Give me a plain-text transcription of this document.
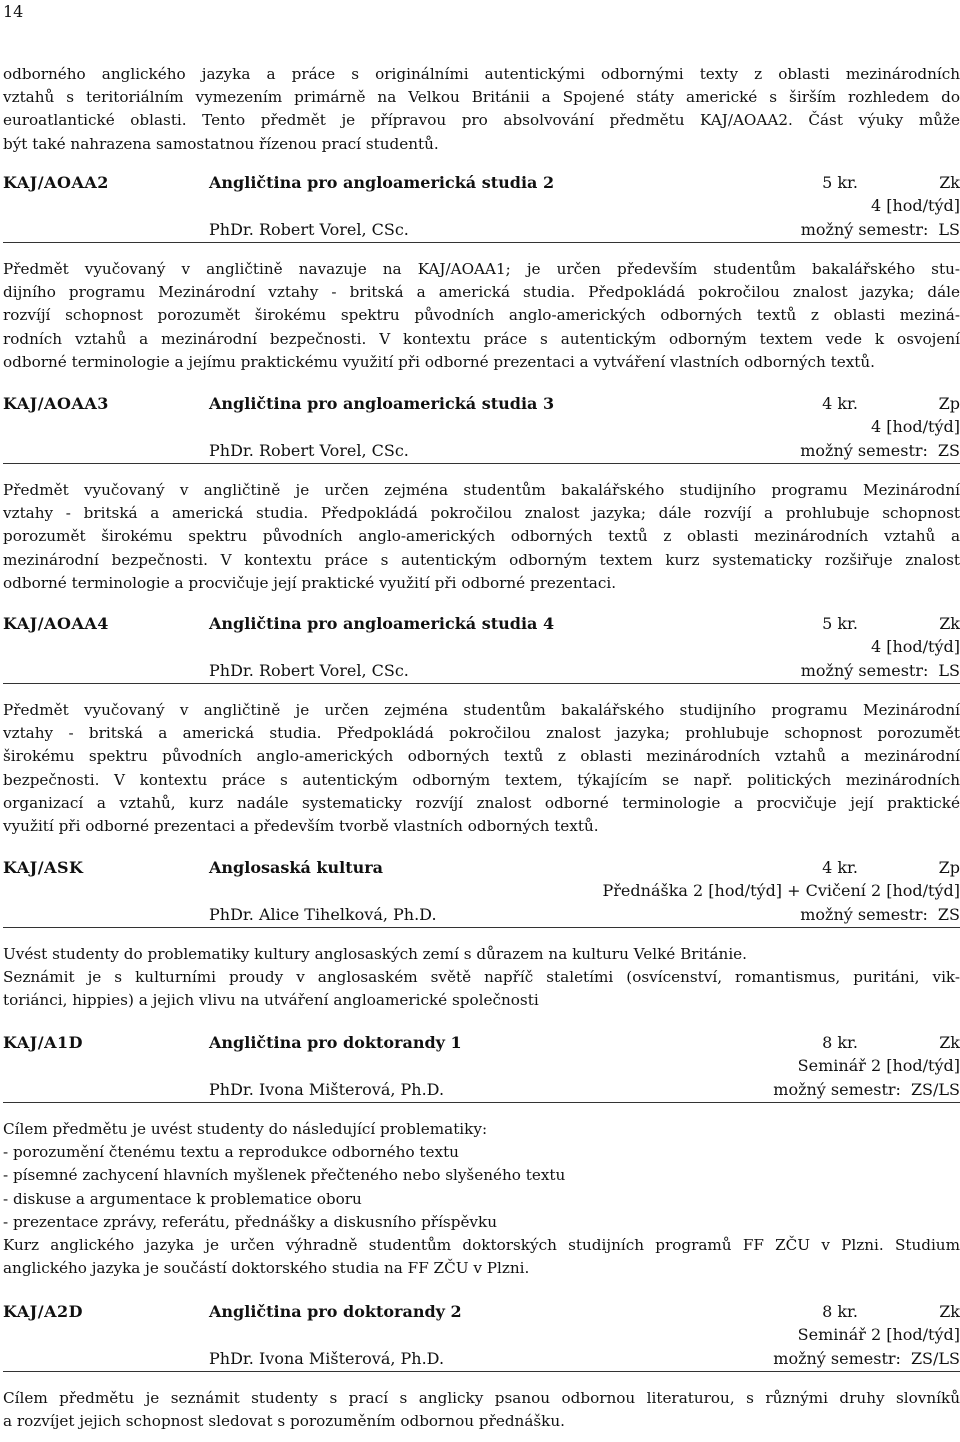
14

odborného anglického jazyka a práce s originálními autentickými odbornými texty z oblasti mezinárodních
vztahů s teritoriálním vymezením primárně na Velkou Británii a Spojené státy americké s širším rozhledem do
euroatlantické oblasti. Tento předmět je přípravou pro absolvování předmětu KAJ/AOAA2. Část výuky může
být také nahrazena samostatnou řízenou prací studentů.

KAJ/AOAA2	Angličtina pro angloamerická studia 2	5 kr.	Zk
4 [hod/týd]
PhDr. Robert Vorel, CSc.	možný semestr: LS

Předmět vyučovaný v angličtině navazuje na KAJ/AOAA1; je určen především studentům bakalářského stu-
dijního programu Mezinárodní vztahy - britská a americká studia. Předpokládá pokročilou znalost jazyka; dále
rozvíjí schopnost porozumět širokému spektru původních anglo-amerických odborných textů z oblasti meziná-
rodních vztahů a mezinárodní bezpečnosti. V kontextu práce s autentickým odborným textem vede k osvojení
odborné terminologie a jejímu praktickému využití při odborné prezentaci a vytváření vlastních odborných textů.

KAJ/AOAA3	Angličtina pro angloamerická studia 3	4 kr.	Zp
4 [hod/týd]
PhDr. Robert Vorel, CSc.	možný semestr: ZS

Předmět vyučovaný v angličtině je určen zejména studentům bakalářského studijního programu Mezinárodní
vztahy - britská a americká studia. Předpokládá pokročilou znalost jazyka; dále rozvíjí a prohlubuje schopnost
porozumět širokému spektru původních anglo-amerických odborných textů z oblasti mezinárodních vztahů a
mezinárodní bezpečnosti. V kontextu práce s autentickým odborným textem kurz systematicky rozšiřuje znalost
odborné terminologie a procvičuje její praktické využití při odborné prezentaci.

KAJ/AOAA4	Angličtina pro angloamerická studia 4	5 kr.	Zk
4 [hod/týd]
PhDr. Robert Vorel, CSc.	možný semestr: LS

Předmět vyučovaný v angličtině je určen zejména studentům bakalářského studijního programu Mezinárodní
vztahy - britská a americká studia. Předpokládá pokročilou znalost jazyka; prohlubuje schopnost porozumět
širokému spektru původních anglo-amerických odborných textů z oblasti mezinárodních vztahů a mezinárodní
bezpečnosti. V kontextu práce s autentickým odborným textem, týkajícím se např. politických mezinárodních
organizací a vztahů, kurz nadále systematicky rozvíjí znalost odborné terminologie a procvičuje její praktické
využití při odborné prezentaci a především tvorbě vlastních odborných textů.

KAJ/ASK	Anglosaská kultura	4 kr.	Zp
Přednáška 2 [hod/týd] + Cvičení 2 [hod/týd]
PhDr. Alice Tihelková, Ph.D.	možný semestr: ZS

Uvést studenty do problematiky kultury anglosaských zemí s důrazem na kulturu Velké Británie.
Seznámit je s kulturními proudy v anglosaském světě napříč staletími (osvícenství, romantismus, puritáni, vik-
toriánci, hippies) a jejich vlivu na utváření angloamerické společnosti

KAJ/A1D	Angličtina pro doktorandy 1	8 kr.	Zk
Seminář 2 [hod/týd]
PhDr. Ivona Mišterová, Ph.D.	možný semestr: ZS/LS

Cílem předmětu je uvést studenty do následující problematiky:
- porozumění čtenému textu a reprodukce odborného textu
- písemné zachycení hlavních myšlenek přečteného nebo slyšeného textu
- diskuse a argumentace k problematice oboru
- prezentace zprávy, referátu, přednášky a diskusního příspěvku
Kurz anglického jazyka je určen výhradně studentům doktorských studijních programů FF ZČU v Plzni. Studium
anglického jazyka je součástí doktorského studia na FF ZČU v Plzni.

KAJ/A2D	Angličtina pro doktorandy 2	8 kr.	Zk
Seminář 2 [hod/týd]
PhDr. Ivona Mišterová, Ph.D.	možný semestr: ZS/LS

Cílem předmětu je seznámit studenty s prací s anglicky psanou odbornou literaturou, s různými druhy slovníků
a rozvíjet jejich schopnost sledovat s porozuměním odbornou přednášku.
